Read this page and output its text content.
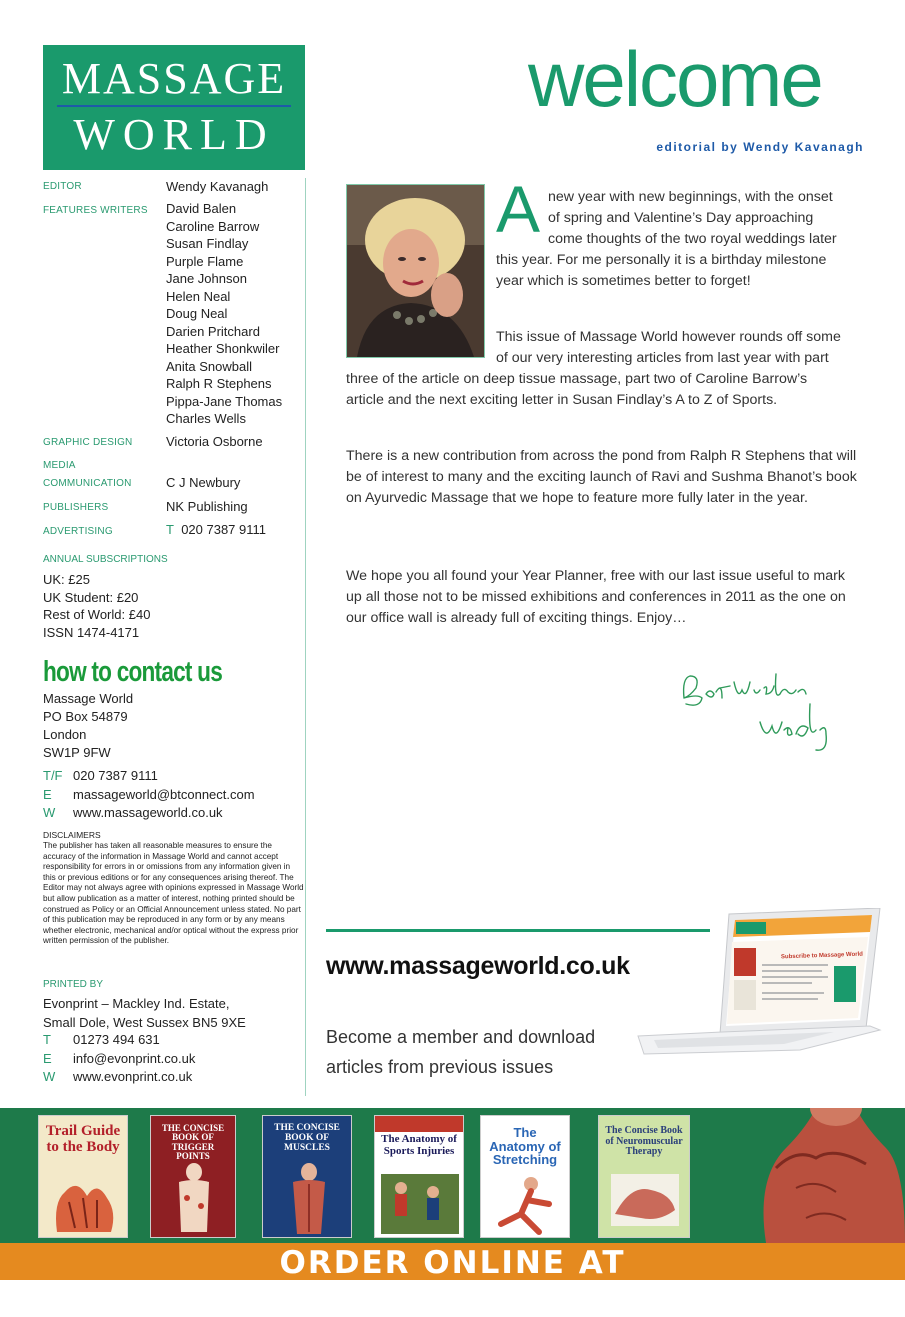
MASSAGE
WORLD
EDITOR	Wendy Kavanagh
FEATURES WRITERS David Balen
Caroline Barrow
Susan Findlay
Purple Flame
Jane Johnson
Helen Neal
Doug Neal
Darien Pritchard
Heather Shonkwiler
Anita Snowball
Ralph R Stephens
Pippa-Jane Thomas
Charles Wells
GRAPHIC DESIGN	Victoria Osborne
MEDIA
COMMUNICATION	C J Newbury
PUBLISHERS	NK Publishing
ADVERTISING	T 020 7387 9111
ANNUAL SUBSCRIPTIONS
UK: £25
UK Student: £20
Rest of World: £40
ISSN 1474-4171
how to contact us
Massage World
PO Box 54879
London
SW1P 9FW
T/F 020 7387 9111
E massageworld@btconnect.com
W www.massageworld.co.uk
DISCLAIMERS
The publisher has taken all reasonable measures to ensure the accuracy of the information in Massage World and cannot accept responsibility for errors in or omissions from any information given in this or previous editions or for any consequences arising thereof. The Editor may not always agree with opinions expressed in Massage World but allow publication as a matter of interest, nothing printed should be construed as Policy or an Official Announcement unless stated. No part of this publication may be reproduced in any form or by any means whether electronic, mechanical and/or optical without the express prior written permission of the publisher.
PRINTED BY
Evonprint – Mackley Ind. Estate,
Small Dole, West Sussex BN5 9XE
T 01273 494 631
E info@evonprint.co.uk
W www.evonprint.co.uk
welcome
editorial by Wendy Kavanagh
A new year with new beginnings, with the onset
of spring and Valentine’s Day approaching
come thoughts of the two royal weddings later
this year. For me personally it is a birthday milestone
year which is sometimes better to forget!
This issue of Massage World however rounds off some
of our very interesting articles from last year with part
three of the article on deep tissue massage, part two of Caroline Barrow’s
article and the next exciting letter in Susan Findlay’s A to Z of Sports.
There is a new contribution from across the pond from Ralph R Stephens that will be of interest to many and the exciting launch of Ravi and Sushma Bhanot’s book on Ayurvedic Massage that we hope to feature more fully later in the year.
We hope you all found your Year Planner, free with our last issue useful to mark up all those not to be missed exhibitions and conferences in 2011 as the one on our office wall is already full of exciting things. Enjoy…
www.massageworld.co.uk
Become a member and download articles from previous issues
Subscribe to Massage World
Trail Guide to the Body
THE CONCISE BOOK OF TRIGGER POINTS
THE CONCISE BOOK OF MUSCLES
The Anatomy of Sports Injuries
The Anatomy of Stretching
The Concise Book of Neuromuscular Therapy
ORDER ONLINE AT WWW.MASSAGEBOOKS.CO.UK
